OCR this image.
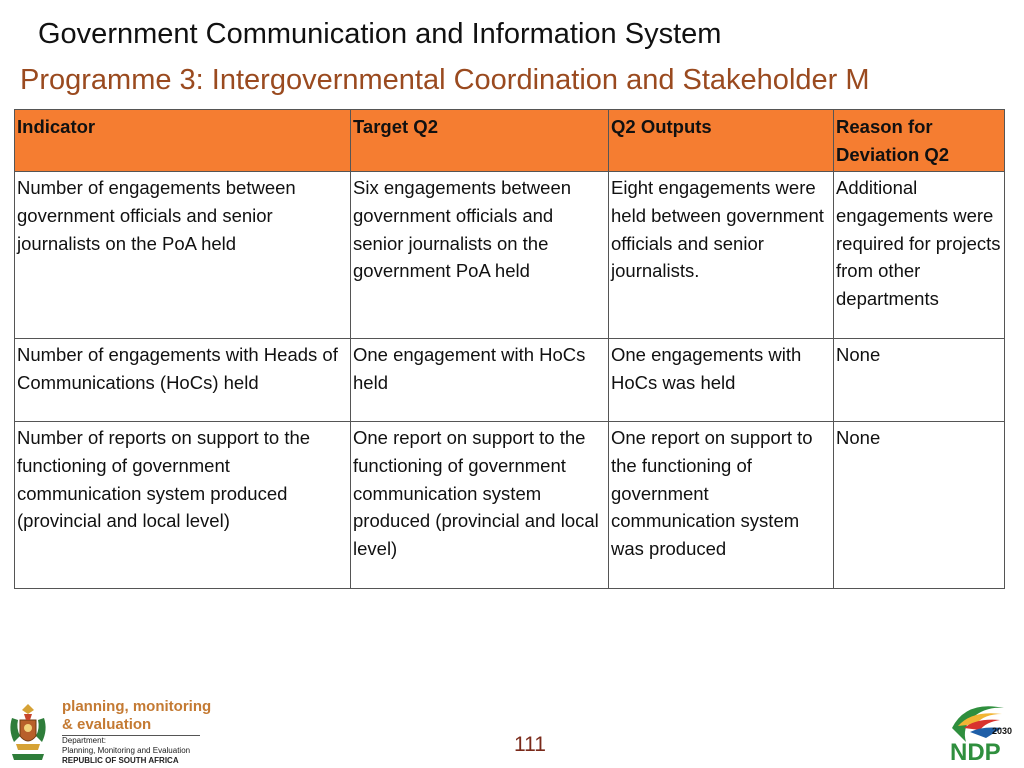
Government Communication and Information System
Programme 3: Intergovernmental Coordination and Stakeholder M
Indicator	Target Q2	Q2 Outputs	Reason for Deviation Q2
Number of engagements between government officials and senior journalists on the PoA held	Six engagements between government officials and senior journalists on the government PoA held	Eight engagements were held between government officials and senior journalists.	Additional engagements were required for projects from other departments
Number of engagements with Heads of Communications (HoCs) held	One engagement with HoCs held	One engagements with HoCs was held	None
Number of reports on support to the functioning of government communication system produced (provincial and local level)	One report on support to the functioning of government communication system produced (provincial and local level)	One report on support to the functioning of government communication system was produced	None
planning, monitoring
& evaluation
Department:
Planning, Monitoring and Evaluation
REPUBLIC OF SOUTH AFRICA
111
2030
NDP
